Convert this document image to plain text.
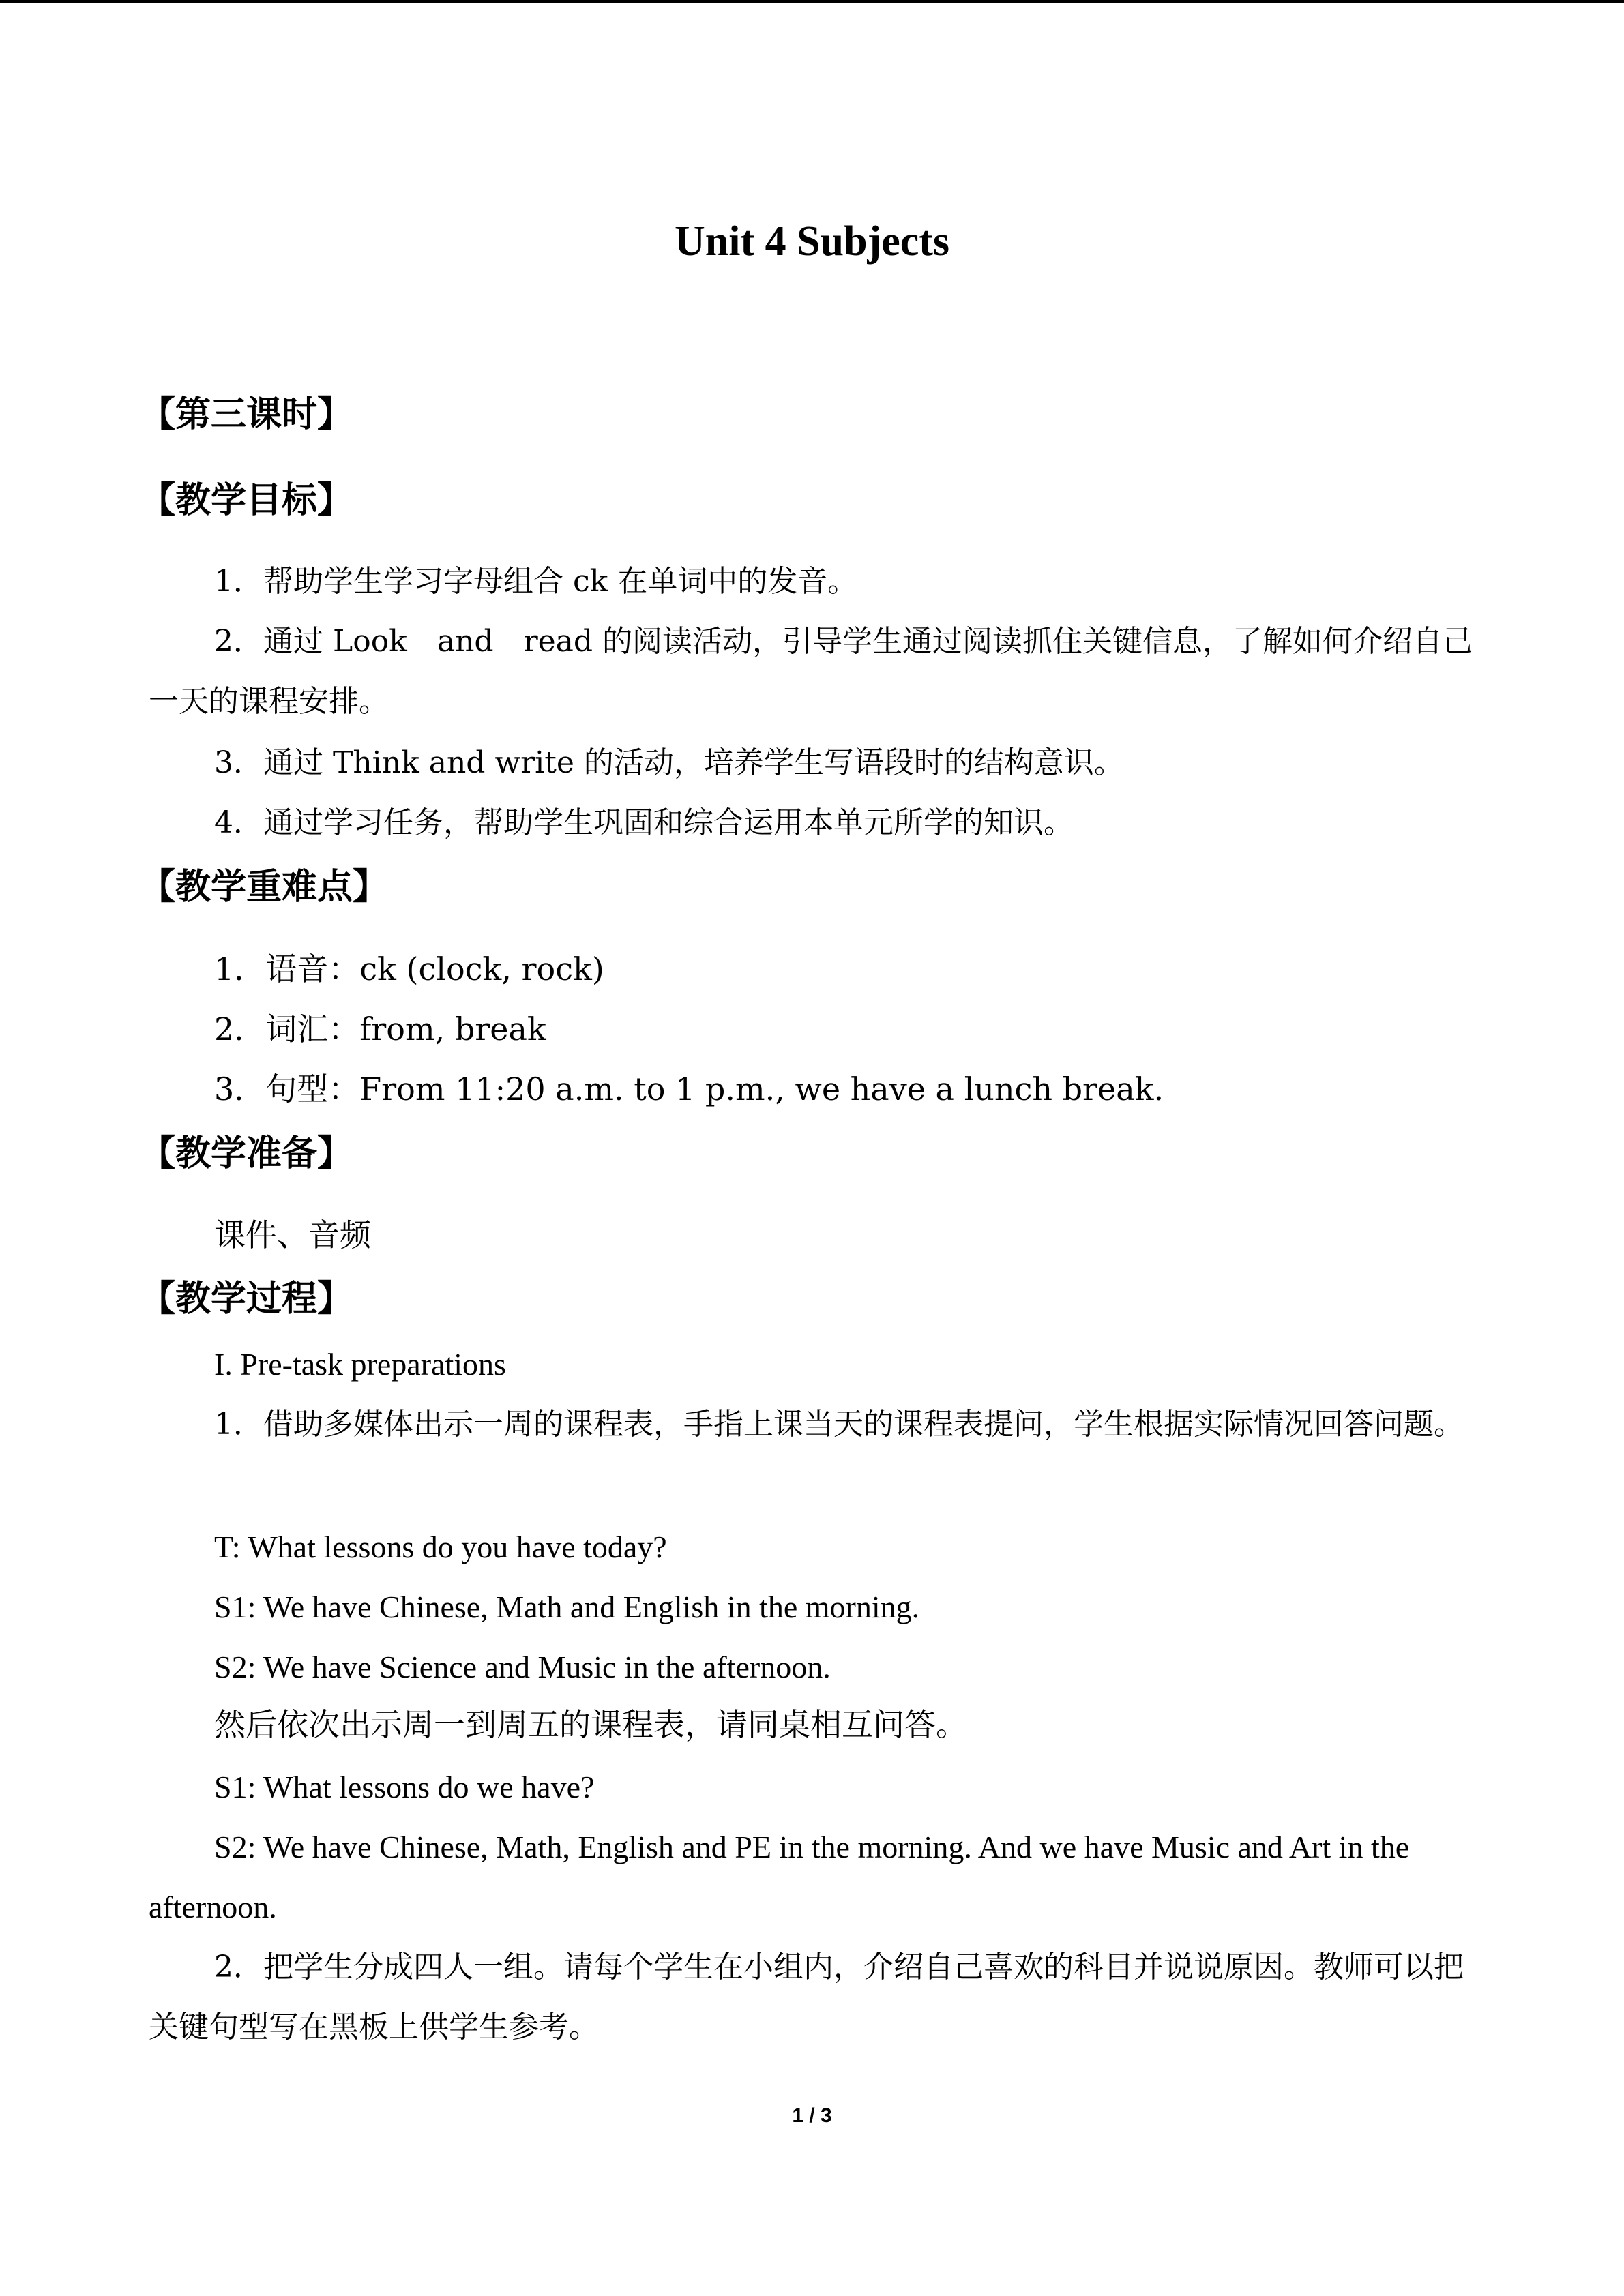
Unit 4 Subjects
【第三课时】
【教学目标】
1．帮助学生学习字母组合 ck 在单词中的发音。
2．通过 Look　and　read 的阅读活动，引导学生通过阅读抓住关键信息，了解如何介绍自己一天的课程安排。
3．通过 Think and write 的活动，培养学生写语段时的结构意识。
4．通过学习任务，帮助学生巩固和综合运用本单元所学的知识。
【教学重难点】
1．语音：ck (clock, rock)
2．词汇：from, break
3．句型：From 11:20 a.m. to 1 p.m., we have a lunch break.
【教学准备】
课件、音频
【教学过程】
I. Pre-task preparations
1．借助多媒体出示一周的课程表，手指上课当天的课程表提问，学生根据实际情况回答问题。
T: What lessons do you have today?
S1: We have Chinese, Math and English in the morning.
S2: We have Science and Music in the afternoon.
然后依次出示周一到周五的课程表，请同桌相互问答。
S1: What lessons do we have?
S2: We have Chinese, Math, English and PE in the morning. And we have Music and Art in the afternoon.
2．把学生分成四人一组。请每个学生在小组内，介绍自己喜欢的科目并说说原因。教师可以把关键句型写在黑板上供学生参考。
1 / 3
